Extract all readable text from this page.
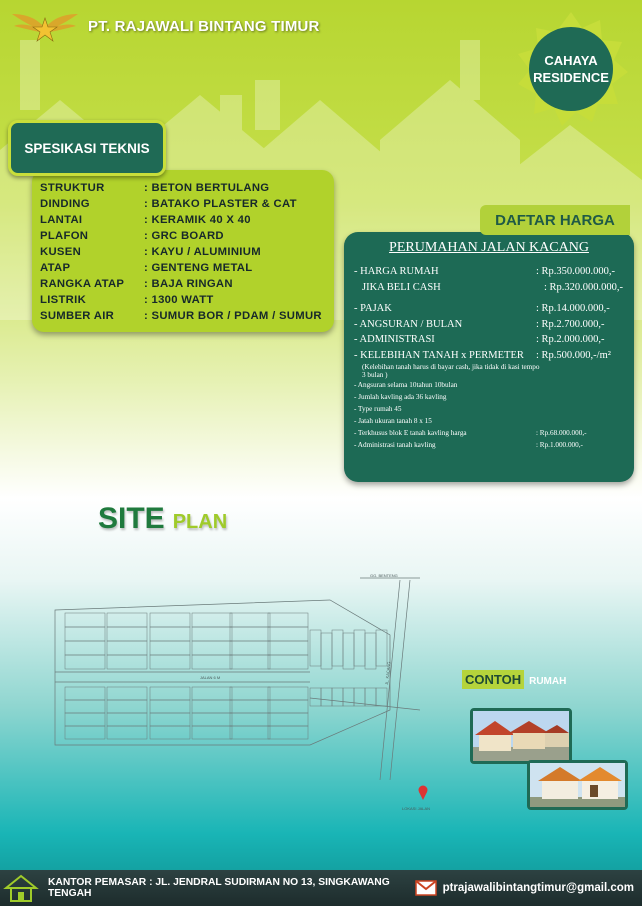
PT. RAJAWALI BINTANG TIMUR
CAHAYA
RESIDENCE
STRUKTUR	: BETON BERTULANG
DINDING	: BATAKO PLASTER & CAT
LANTAI	: KERAMIK 40 X 40
PLAFON	: GRC BOARD
KUSEN	: KAYU / ALUMINIUM
ATAP	: GENTENG METAL
RANGKA ATAP	: BAJA RINGAN
LISTRIK	: 1300 WATT
SUMBER AIR	: SUMUR BOR / PDAM / SUMUR
SPESIKASI TEKNIS
PERUMAHAN JALAN KACANG
- HARGA RUMAH	: Rp.350.000.000,-
JIKA BELI CASH	: Rp.320.000.000,-
- PAJAK	: Rp.14.000.000,-
- ANGSURAN / BULAN	: Rp.2.700.000,-
- ADMINISTRASI	: Rp.2.000.000,-
- KELEBIHAN TANAH x PERMETER	: Rp.500.000,-/m²
(Kelebihan tanah harus di bayar cash, jika tidak di kasi tempo 3 bulan )
- Angsuran selama 10tahun 10bulan
- Jumlah kavling ada 36 kavling
- Type rumah 45
- Jatah ukuran tanah 8 x 15
- Terkhusus blok E tanah kavling harga	: Rp.68.000.000,-
- Administrasi tanah kavling	: Rp.1.000.000,-
DAFTAR HARGA
SITE PLAN
GG. BENTENG
JALAN 6 M	JL. KACANG
LOKASI JALAN
CONTOH RUMAH
KANTOR PEMASAR : JL. JENDRAL SUDIRMAN NO 13, SINGKAWANG TENGAH	ptrajawalibintangtimur@gmail.com
